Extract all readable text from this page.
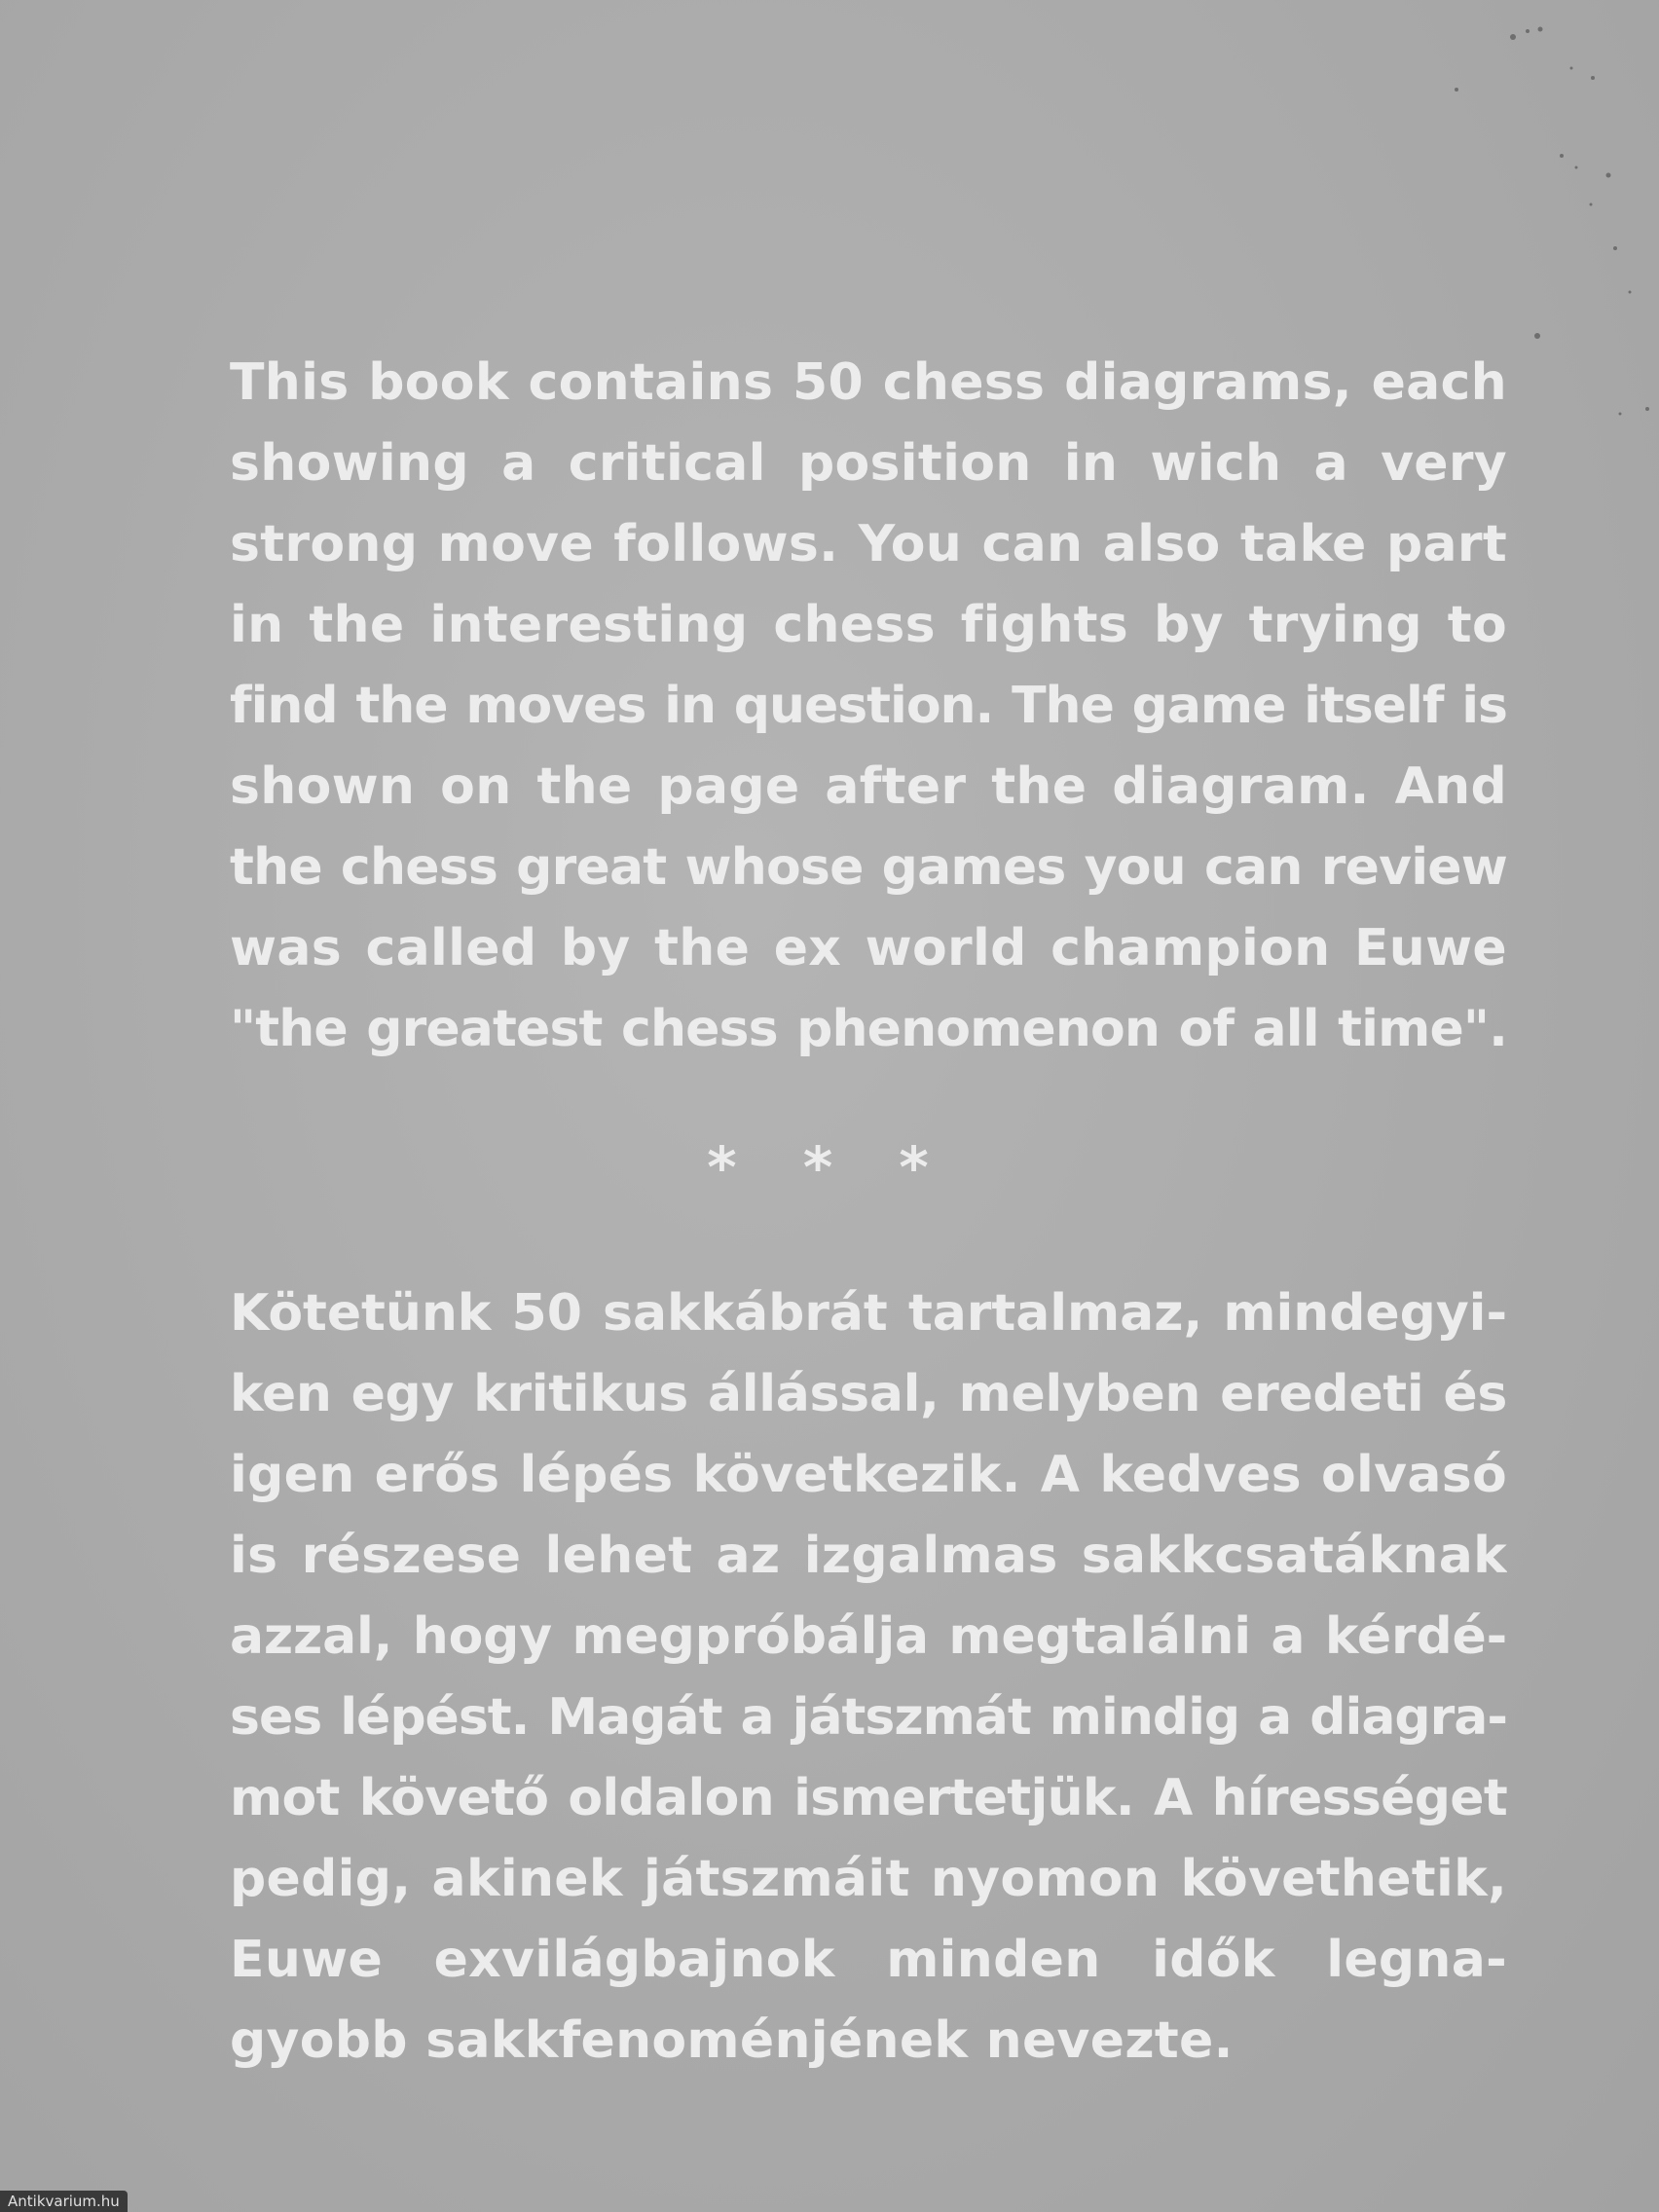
This book contains 50 chess diagrams, each
showing a critical position in wich a very
strong move follows. You can also take part
in the interesting chess fights by trying to
find the moves in question. The game itself is
shown on the page after the diagram. And
the chess great whose games you can review
was called by the ex world champion Euwe
"the greatest chess phenomenon of all time".
* * *
Kötetünk 50 sakkábrát tartalmaz, mindegyi-
ken egy kritikus állással, melyben eredeti és
igen erős lépés következik. A kedves olvasó
is részese lehet az izgalmas sakkcsatáknak
azzal, hogy megpróbálja megtalálni a kérdé-
ses lépést. Magát a játszmát mindig a diagra-
mot követő oldalon ismertetjük. A hírességet
pedig, akinek játszmáit nyomon követhetik,
Euwe exvilágbajnok minden idők legna-
gyobb sakkfenoménjének nevezte.
Antikvarium.hu
